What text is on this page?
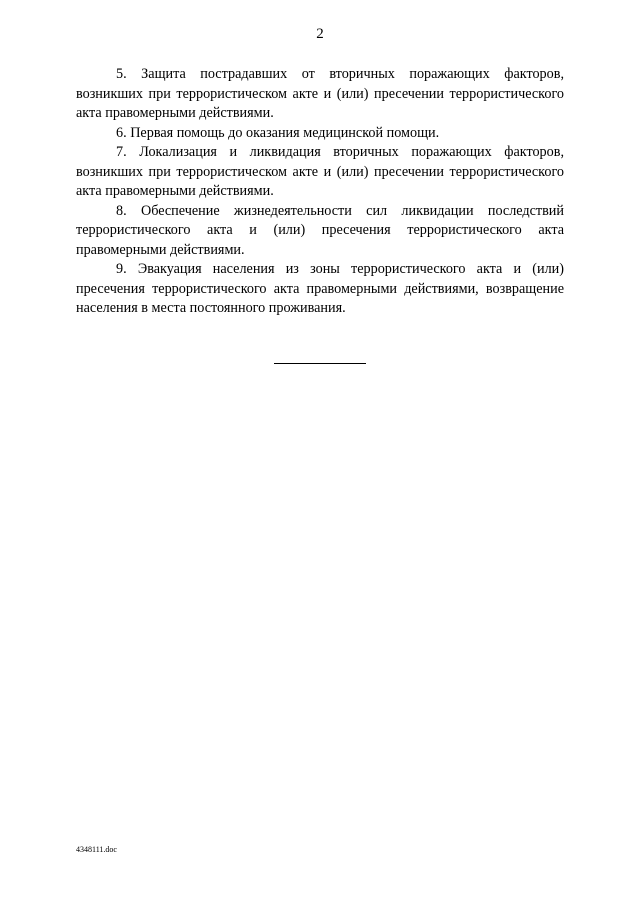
2

5. Защита пострадавших от вторичных поражающих факторов, возникших при террористическом акте и (или) пресечении террористического акта правомерными действиями.

6. Первая помощь до оказания медицинской помощи.

7. Локализация и ликвидация вторичных поражающих факторов, возникших при террористическом акте и (или) пресечении террористического акта правомерными действиями.

8. Обеспечение жизнедеятельности сил ликвидации последствий террористического акта и (или) пресечения террористического акта правомерными действиями.

9. Эвакуация населения из зоны террористического акта и (или) пресечения террористического акта правомерными действиями, возвращение населения в места постоянного проживания.

4348111.doc
